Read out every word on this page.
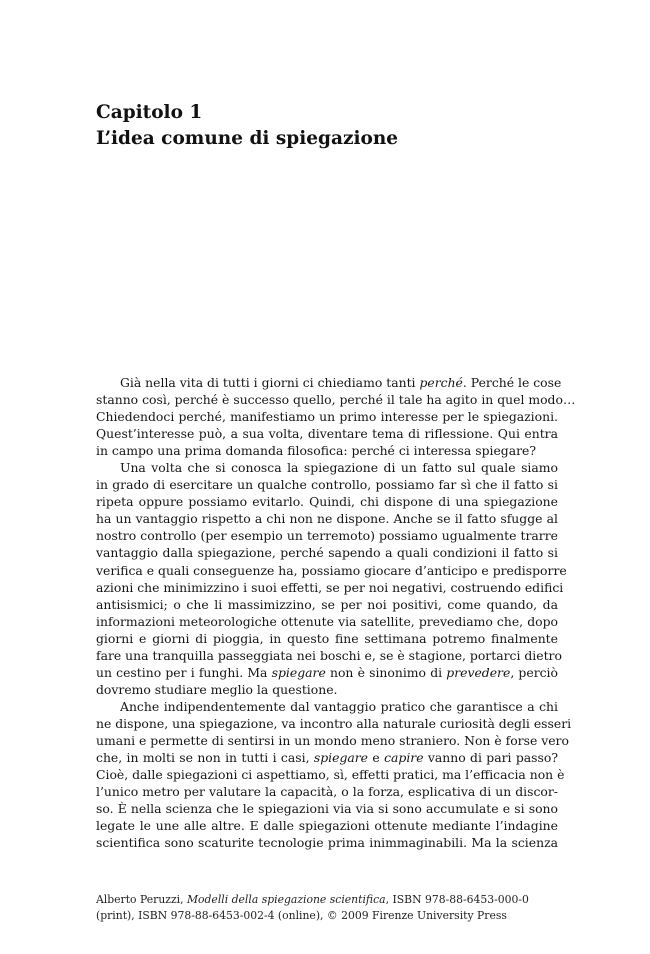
Capitolo 1
L’idea comune di spiegazione
Già nella vita di tutti i giorni ci chiediamo tanti perché. Perché le cose
stanno così, perché è successo quello, perché il tale ha agito in quel modo…
Chiedendoci perché, manifestiamo un primo interesse per le spiegazioni.
Quest’interesse può, a sua volta, diventare tema di riflessione. Qui entra
in campo una prima domanda filosofica: perché ci interessa spiegare?
Una volta che si conosca la spiegazione di un fatto sul quale siamo
in grado di esercitare un qualche controllo, possiamo far sì che il fatto si
ripeta oppure possiamo evitarlo. Quindi, chi dispone di una spiegazione
ha un vantaggio rispetto a chi non ne dispone. Anche se il fatto sfugge al
nostro controllo (per esempio un terremoto) possiamo ugualmente trarre
vantaggio dalla spiegazione, perché sapendo a quali condizioni il fatto si
verifica e quali conseguenze ha, possiamo giocare d’anticipo e predisporre
azioni che minimizzino i suoi effetti, se per noi negativi, costruendo edifici
antisismici; o che li massimizzino, se per noi positivi, come quando, da
informazioni meteorologiche ottenute via satellite, prevediamo che, dopo
giorni e giorni di pioggia, in questo fine settimana potremo finalmente
fare una tranquilla passeggiata nei boschi e, se è stagione, portarci dietro
un cestino per i funghi. Ma spiegare non è sinonimo di prevedere, perciò
dovremo studiare meglio la questione.
Anche indipendentemente dal vantaggio pratico che garantisce a chi
ne dispone, una spiegazione, va incontro alla naturale curiosità degli esseri
umani e permette di sentirsi in un mondo meno straniero. Non è forse vero
che, in molti se non in tutti i casi, spiegare e capire vanno di pari passo?
Cioè, dalle spiegazioni ci aspettiamo, sì, effetti pratici, ma l’efficacia non è
l’unico metro per valutare la capacità, o la forza, esplicativa di un discor-
so. È nella scienza che le spiegazioni via via si sono accumulate e si sono
legate le une alle altre. E dalle spiegazioni ottenute mediante l’indagine
scientifica sono scaturite tecnologie prima inimmaginabili. Ma la scienza
Alberto Peruzzi, Modelli della spiegazione scientifica, ISBN 978-88-6453-000-0
(print), ISBN 978-88-6453-002-4 (online), © 2009 Firenze University Press
